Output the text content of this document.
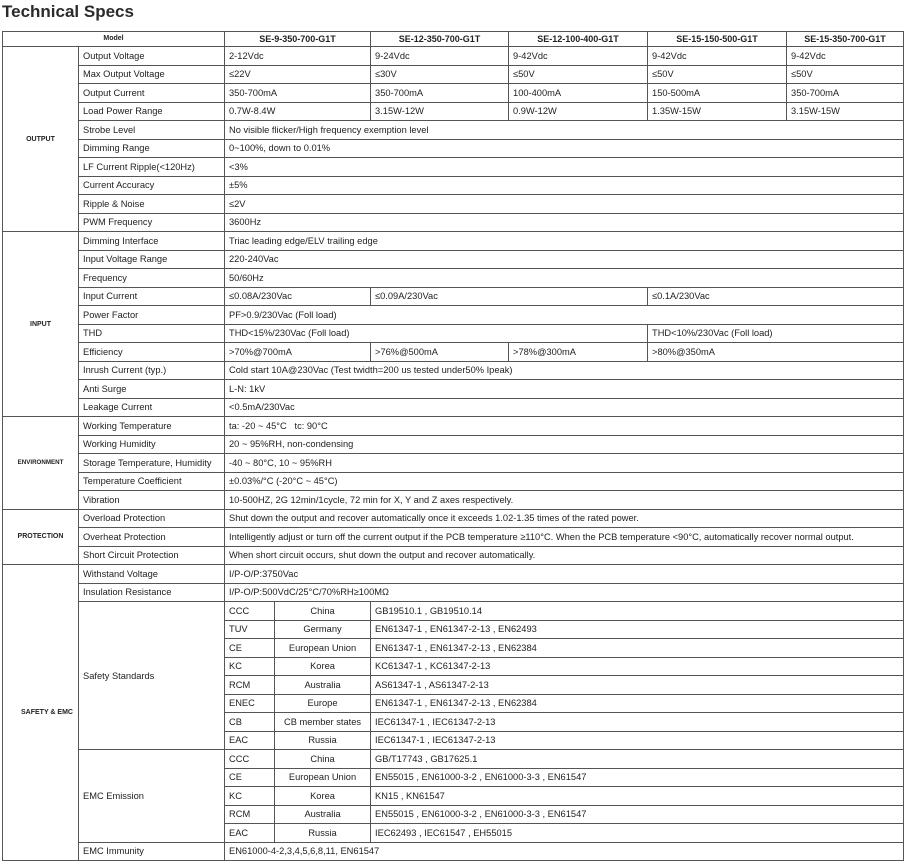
Technical Specs
Model		SE-9-350-700-G1T		SE-12-350-700-G1T	SE-12-100-400-G1T	SE-15-150-500-G1T	SE-15-350-700-G1T
OUTPUT	Output Voltage	2-12Vdc		9-24Vdc	9-42Vdc	9-42Vdc	9-42Vdc
	Max Output Voltage	≤22V		≤30V	≤50V	≤50V	≤50V
	Output Current	350-700mA		350-700mA	100-400mA	150-500mA	350-700mA
	Load Power Range	0.7W-8.4W		3.15W-12W	0.9W-12W	1.35W-15W	3.15W-15W
	Strobe Level	No visible flicker/High frequency exemption level					
	Dimming Range	0~100%, down to 0.01%					
	LF Current Ripple(<120Hz)	<3%					
	Current Accuracy	±5%					
	Ripple & Noise	≤2V					
	PWM Frequency	3600Hz					
INPUT	Dimming Interface	Triac leading edge/ELV trailing edge					
	Input Voltage Range	220-240Vac					
	Frequency	50/60Hz					
	Input Current	≤0.08A/230Vac		≤0.09A/230Vac		≤0.1A/230Vac	
	Power Factor	PF>0.9/230Vac (Foll load)					
	THD	THD<15%/230Vac (Foll load)				THD<10%/230Vac (Foll load)	
	Efficiency	>70%@700mA		>76%@500mA	>78%@300mA	>80%@350mA	
	Inrush Current (typ.)	Cold start 10A@230Vac (Test twidth=200 us tested under50% Ipeak)					
	Anti Surge	L-N: 1kV					
	Leakage Current	<0.5mA/230Vac					
ENVIRONMENT	Working Temperature	ta: -20 ~ 45°C   tc: 90°C					
	Working Humidity	20 ~ 95%RH, non-condensing					
	Storage Temperature, Humidity	-40 ~ 80°C, 10 ~ 95%RH					
	Temperature Coefficient	±0.03%/°C (-20°C ~ 45°C)					
	Vibration	10-500HZ, 2G 12min/1cycle, 72 min for X, Y and Z axes respectively.					
PROTECTION	Overload Protection	Shut down the output and recover automatically once it exceeds 1.02-1.35 times of the rated power.					
	Overheat Protection	Intelligently adjust or turn off the current output if the PCB temperature ≥110°C. When the PCB temperature <90°C, automatically recover normal output.					
	Short Circuit Protection	When short circuit occurs, shut down the output and recover automatically.					
SAFETY & EMC	Withstand Voltage	I/P-O/P:3750Vac					
	Insulation Resistance	I/P-O/P:500VdC/25°C/70%RH≥100MΩ					
	Safety Standards	CCC	China	GB19510.1 , GB19510.14			
		TUV	Germany	EN61347-1 , EN61347-2-13 , EN62493			
		CE	European Union	EN61347-1 , EN61347-2-13 , EN62384			
		KC	Korea	KC61347-1 , KC61347-2-13			
		RCM	Australia	AS61347-1 , AS61347-2-13			
		ENEC	Europe	EN61347-1 , EN61347-2-13 , EN62384			
		CB	CB member states	IEC61347-1 , IEC61347-2-13			
		EAC	Russia	IEC61347-1 , IEC61347-2-13			
	EMC Emission	CCC	China	GB/T17743 , GB17625.1			
		CE	European Union	EN55015 , EN61000-3-2 , EN61000-3-3 , EN61547			
		KC	Korea	KN15 , KN61547			
		RCM	Australia	EN55015 , EN61000-3-2 , EN61000-3-3 , EN61547			
		EAC	Russia	IEC62493 , IEC61547 , EH55015			
	EMC Immunity	EN61000-4-2,3,4,5,6,8,11, EN61547					
